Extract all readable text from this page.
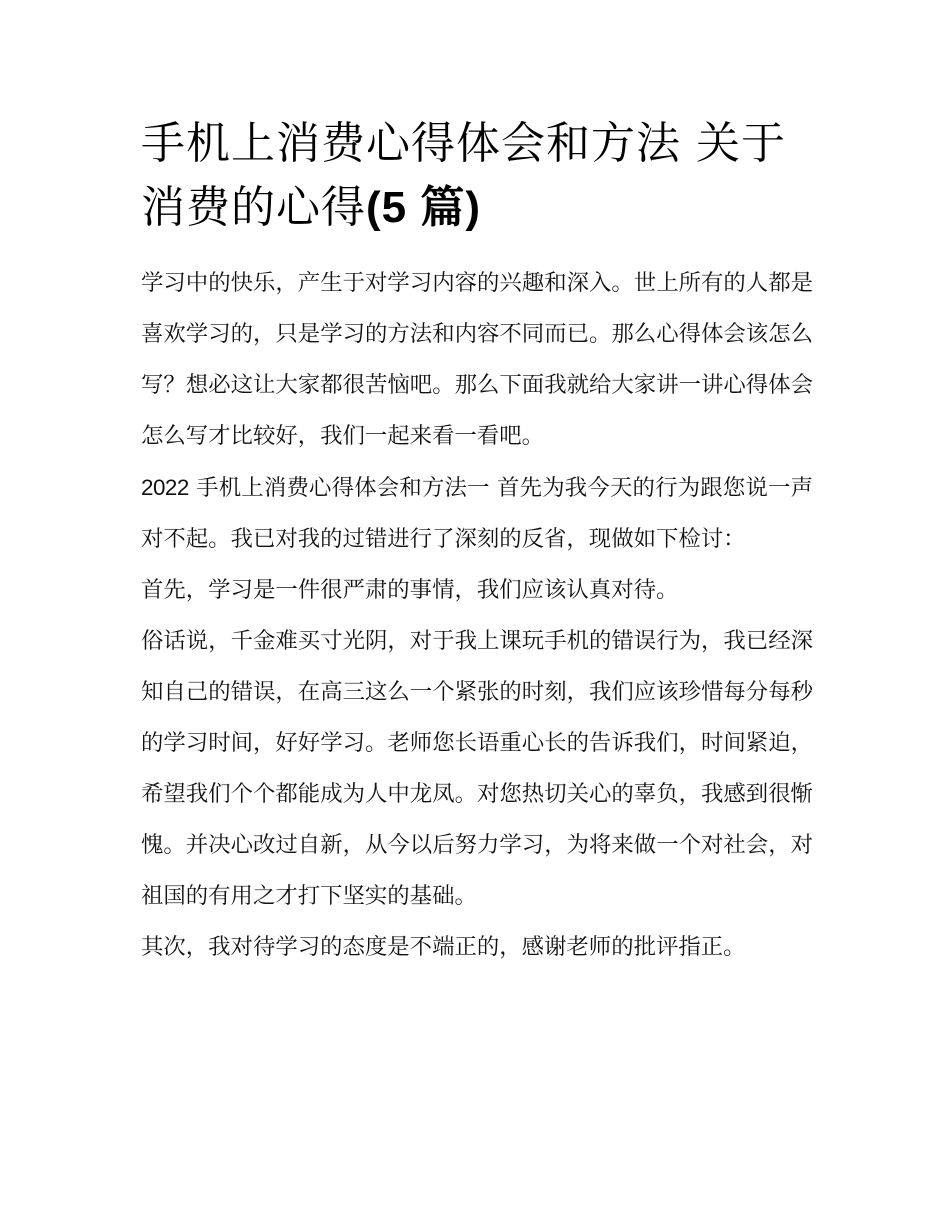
手机上消费心得体会和方法 关于消费的心得(5 篇)

学习中的快乐，产生于对学习内容的兴趣和深入。世上所有的人都是喜欢学习的，只是学习的方法和内容不同而已。那么心得体会该怎么写？想必这让大家都很苦恼吧。那么下面我就给大家讲一讲心得体会怎么写才比较好，我们一起来看一看吧。

2022 手机上消费心得体会和方法一 首先为我今天的行为跟您说一声对不起。我已对我的过错进行了深刻的反省，现做如下检讨：

首先，学习是一件很严肃的事情，我们应该认真对待。

俗话说，千金难买寸光阴，对于我上课玩手机的错误行为，我已经深知自己的错误，在高三这么一个紧张的时刻，我们应该珍惜每分每秒的学习时间，好好学习。老师您长语重心长的告诉我们，时间紧迫，希望我们个个都能成为人中龙凤。对您热切关心的辜负，我感到很惭愧。并决心改过自新，从今以后努力学习，为将来做一个对社会，对祖国的有用之才打下坚实的基础。

其次，我对待学习的态度是不端正的，感谢老师的批评指正。
